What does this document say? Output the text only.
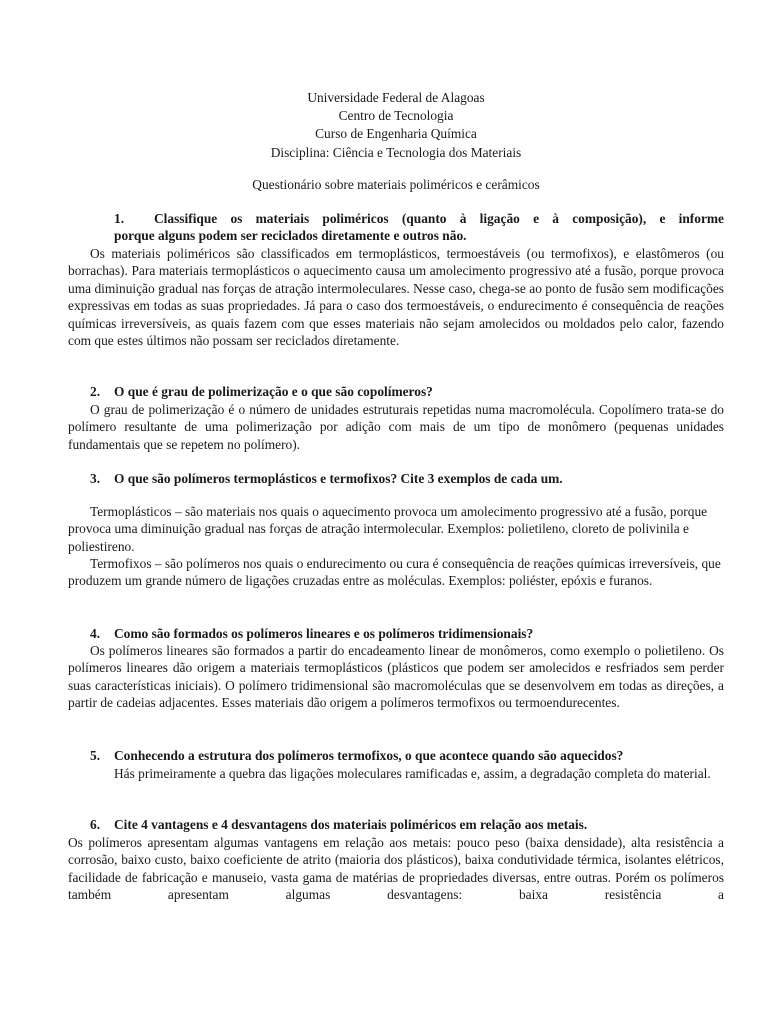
Universidade Federal de Alagoas
Centro de Tecnologia
Curso de Engenharia Química
Disciplina: Ciência e Tecnologia dos Materiais
Questionário sobre materiais poliméricos e cerâmicos
1. Classifique os materiais poliméricos (quanto à ligação e à composição), e informe
porque alguns podem ser reciclados diretamente e outros não.

Os materiais poliméricos são classificados em termoplásticos, termoestáveis (ou termofixos), e elastômeros (ou borrachas). Para materiais termoplásticos o aquecimento causa um amolecimento progressivo até a fusão, porque provoca uma diminuição gradual nas forças de atração intermoleculares. Nesse caso, chega-se ao ponto de fusão sem modificações expressivas em todas as suas propriedades. Já para o caso dos termoestáveis, o endurecimento é consequência de reações químicas irreversíveis, as quais fazem com que esses materiais não sejam amolecidos ou moldados pelo calor, fazendo com que estes últimos não possam ser reciclados diretamente.

2. O que é grau de polimerização e o que são copolímeros?

O grau de polimerização é o número de unidades estruturais repetidas numa macromolécula. Copolímero trata-se do polímero resultante de uma polimerização por adição com mais de um tipo de monômero (pequenas unidades fundamentais que se repetem no polímero).

3. O que são polímeros termoplásticos e termofixos? Cite 3 exemplos de cada um.

Termoplásticos – são materiais nos quais o aquecimento provoca um amolecimento progressivo até a fusão, porque provoca uma diminuição gradual nas forças de atração intermolecular. Exemplos: polietileno, cloreto de polivinila e poliestireno.

Termofixos – são polímeros nos quais o endurecimento ou cura é consequência de reações químicas irreversíveis, que produzem um grande número de ligações cruzadas entre as moléculas. Exemplos: poliéster, epóxis e furanos.

4. Como são formados os polímeros lineares e os polímeros tridimensionais?

Os polímeros lineares são formados a partir do encadeamento linear de monômeros, como exemplo o polietileno. Os polímeros lineares dão origem a materiais termoplásticos (plásticos que podem ser amolecidos e resfriados sem perder suas características iniciais). O polímero tridimensional são macromoléculas que se desenvolvem em todas as direções, a partir de cadeias adjacentes. Esses materiais dão origem a polímeros termofixos ou termoendurecentes.

5. Conhecendo a estrutura dos polímeros termofixos, o que acontece quando são aquecidos?

Hás primeiramente a quebra das ligações moleculares ramificadas e, assim, a degradação completa do material.

6. Cite 4 vantagens e 4 desvantagens dos materiais poliméricos em relação aos metais.

Os polímeros apresentam algumas vantagens em relação aos metais: pouco peso (baixa densidade), alta resistência a corrosão, baixo custo, baixo coeficiente de atrito (maioria dos plásticos), baixa condutividade térmica, isolantes elétricos, facilidade de fabricação e manuseio, vasta gama de matérias de propriedades diversas, entre outras. Porém os polímeros também apresentam algumas desvantagens: baixa resistência a
